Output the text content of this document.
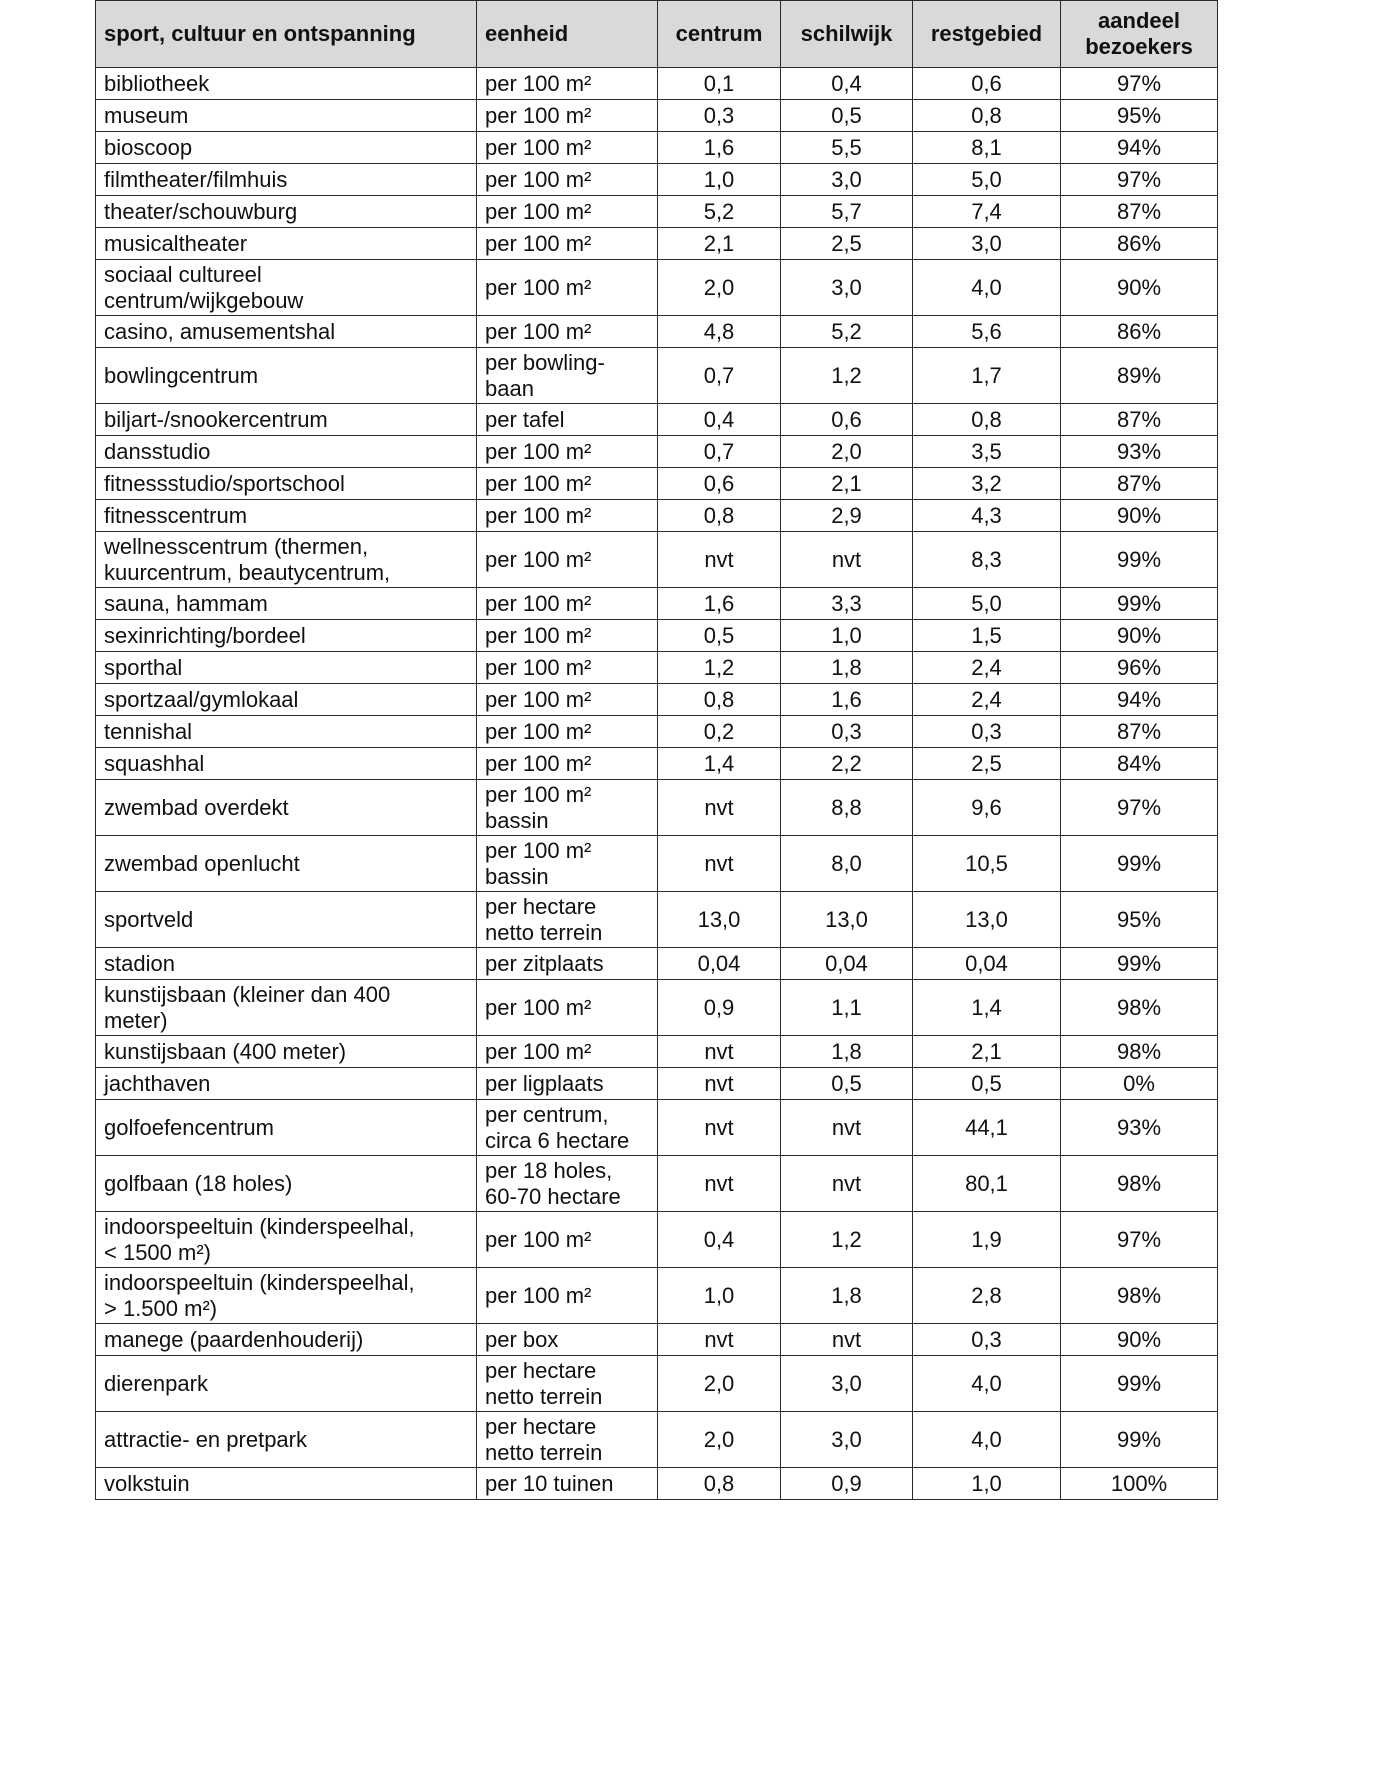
sport, cultuur en ontspanning	eenheid	centrum	schilwijk	restgebied	aandeel
bezoekers

bibliotheek	per 100 m²	0,1	0,4	0,6	97%

museum	per 100 m²	0,3	0,5	0,8	95%

bioscoop	per 100 m²	1,6	5,5	8,1	94%

filmtheater/filmhuis	per 100 m²	1,0	3,0	5,0	97%

theater/schouwburg	per 100 m²	5,2	5,7	7,4	87%

musicaltheater	per 100 m²	2,1	2,5	3,0	86%

sociaal cultureel
centrum/wijkgebouw	per 100 m²	2,0	3,0	4,0	90%

casino, amusementshal	per 100 m²	4,8	5,2	5,6	86%

bowlingcentrum	per bowling-
baan	0,7	1,2	1,7	89%

biljart-/snookercentrum	per tafel	0,4	0,6	0,8	87%

dansstudio	per 100 m²	0,7	2,0	3,5	93%

fitnessstudio/sportschool	per 100 m²	0,6	2,1	3,2	87%

fitnesscentrum	per 100 m²	0,8	2,9	4,3	90%

wellnesscentrum (thermen,
kuurcentrum, beautycentrum,	per 100 m²	nvt	nvt	8,3	99%

sauna, hammam	per 100 m²	1,6	3,3	5,0	99%

sexinrichting/bordeel	per 100 m²	0,5	1,0	1,5	90%

sporthal	per 100 m²	1,2	1,8	2,4	96%

sportzaal/gymlokaal	per 100 m²	0,8	1,6	2,4	94%

tennishal	per 100 m²	0,2	0,3	0,3	87%

squashhal	per 100 m²	1,4	2,2	2,5	84%

zwembad overdekt	per 100 m²
bassin	nvt	8,8	9,6	97%

zwembad openlucht	per 100 m²
bassin	nvt	8,0	10,5	99%

sportveld	per hectare
netto terrein	13,0	13,0	13,0	95%

stadion	per zitplaats	0,04	0,04	0,04	99%

kunstijsbaan (kleiner dan 400
meter)	per 100 m²	0,9	1,1	1,4	98%

kunstijsbaan (400 meter)	per 100 m²	nvt	1,8	2,1	98%

jachthaven	per ligplaats	nvt	0,5	0,5	0%

golfoefencentrum	per centrum,
circa 6 hectare	nvt	nvt	44,1	93%

golfbaan (18 holes)	per 18 holes,
60-70 hectare	nvt	nvt	80,1	98%

indoorspeeltuin (kinderspeelhal,
< 1500 m²)	per 100 m²	0,4	1,2	1,9	97%

indoorspeeltuin (kinderspeelhal,
> 1.500 m²)	per 100 m²	1,0	1,8	2,8	98%

manege (paardenhouderij)	per box	nvt	nvt	0,3	90%

dierenpark	per hectare
netto terrein	2,0	3,0	4,0	99%

attractie- en pretpark	per hectare
netto terrein	2,0	3,0	4,0	99%

volkstuin	per 10 tuinen	0,8	0,9	1,0	100%
